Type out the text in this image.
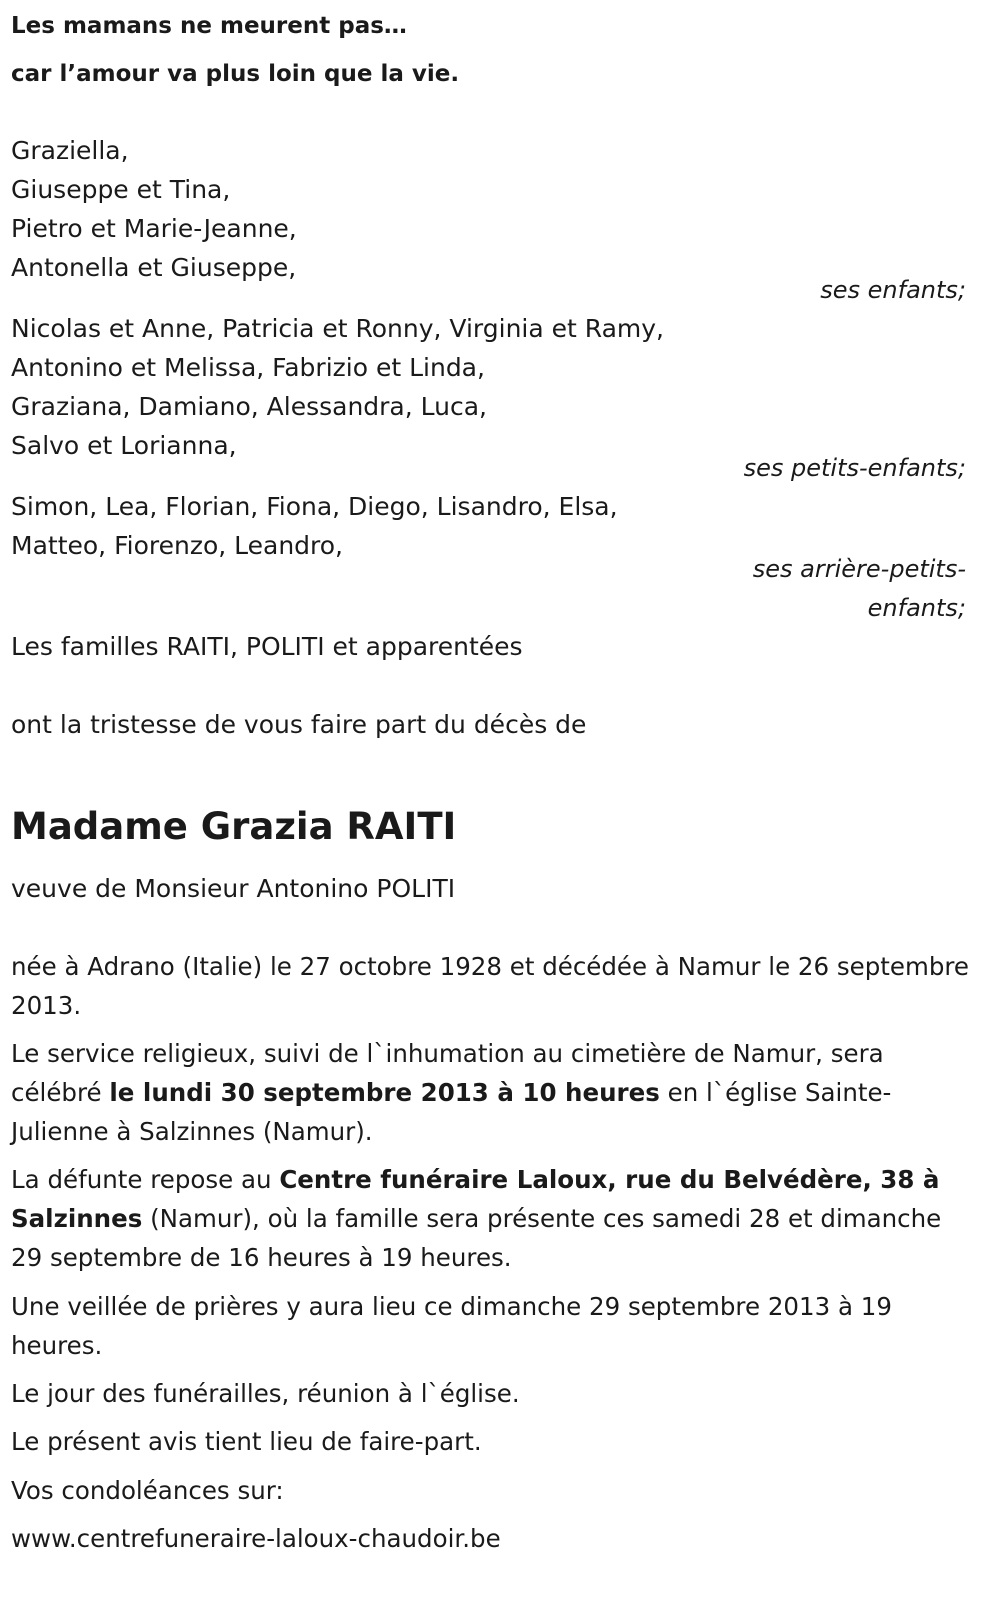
Les mamans ne meurent pas…

car l’amour va plus loin que la vie.

Graziella,

Giuseppe et Tina,

Pietro et Marie-Jeanne,

Antonella et Giuseppe,

ses enfants;

Nicolas et Anne, Patricia et Ronny, Virginia et Ramy,

Antonino et Melissa, Fabrizio et Linda,

Graziana, Damiano, Alessandra, Luca,

Salvo et Lorianna,

ses petits-enfants;

Simon, Lea, Florian, Fiona, Diego, Lisandro, Elsa,

Matteo, Fiorenzo, Leandro,

ses arrière-petits-

enfants;

Les familles RAITI, POLITI et apparentées

ont la tristesse de vous faire part du décès de

Madame Grazia RAITI

veuve de Monsieur Antonino POLITI

née à Adrano (Italie) le 27 octobre 1928 et décédée à Namur le 26 septembre 2013.

Le service religieux, suivi de l`inhumation au cimetière de Namur, sera célébré le lundi 30 septembre 2013 à 10 heures en l`église Sainte-Julienne à Salzinnes (Namur).

La défunte repose au Centre funéraire Laloux, rue du Belvédère, 38 à Salzinnes (Namur), où la famille sera présente ces samedi 28 et dimanche 29 septembre de 16 heures à 19 heures.

Une veillée de prières y aura lieu ce dimanche 29 septembre 2013 à 19 heures.

Le jour des funérailles, réunion à l`église.

Le présent avis tient lieu de faire-part.

Vos condoléances sur:

www.centrefuneraire-laloux-chaudoir.be
